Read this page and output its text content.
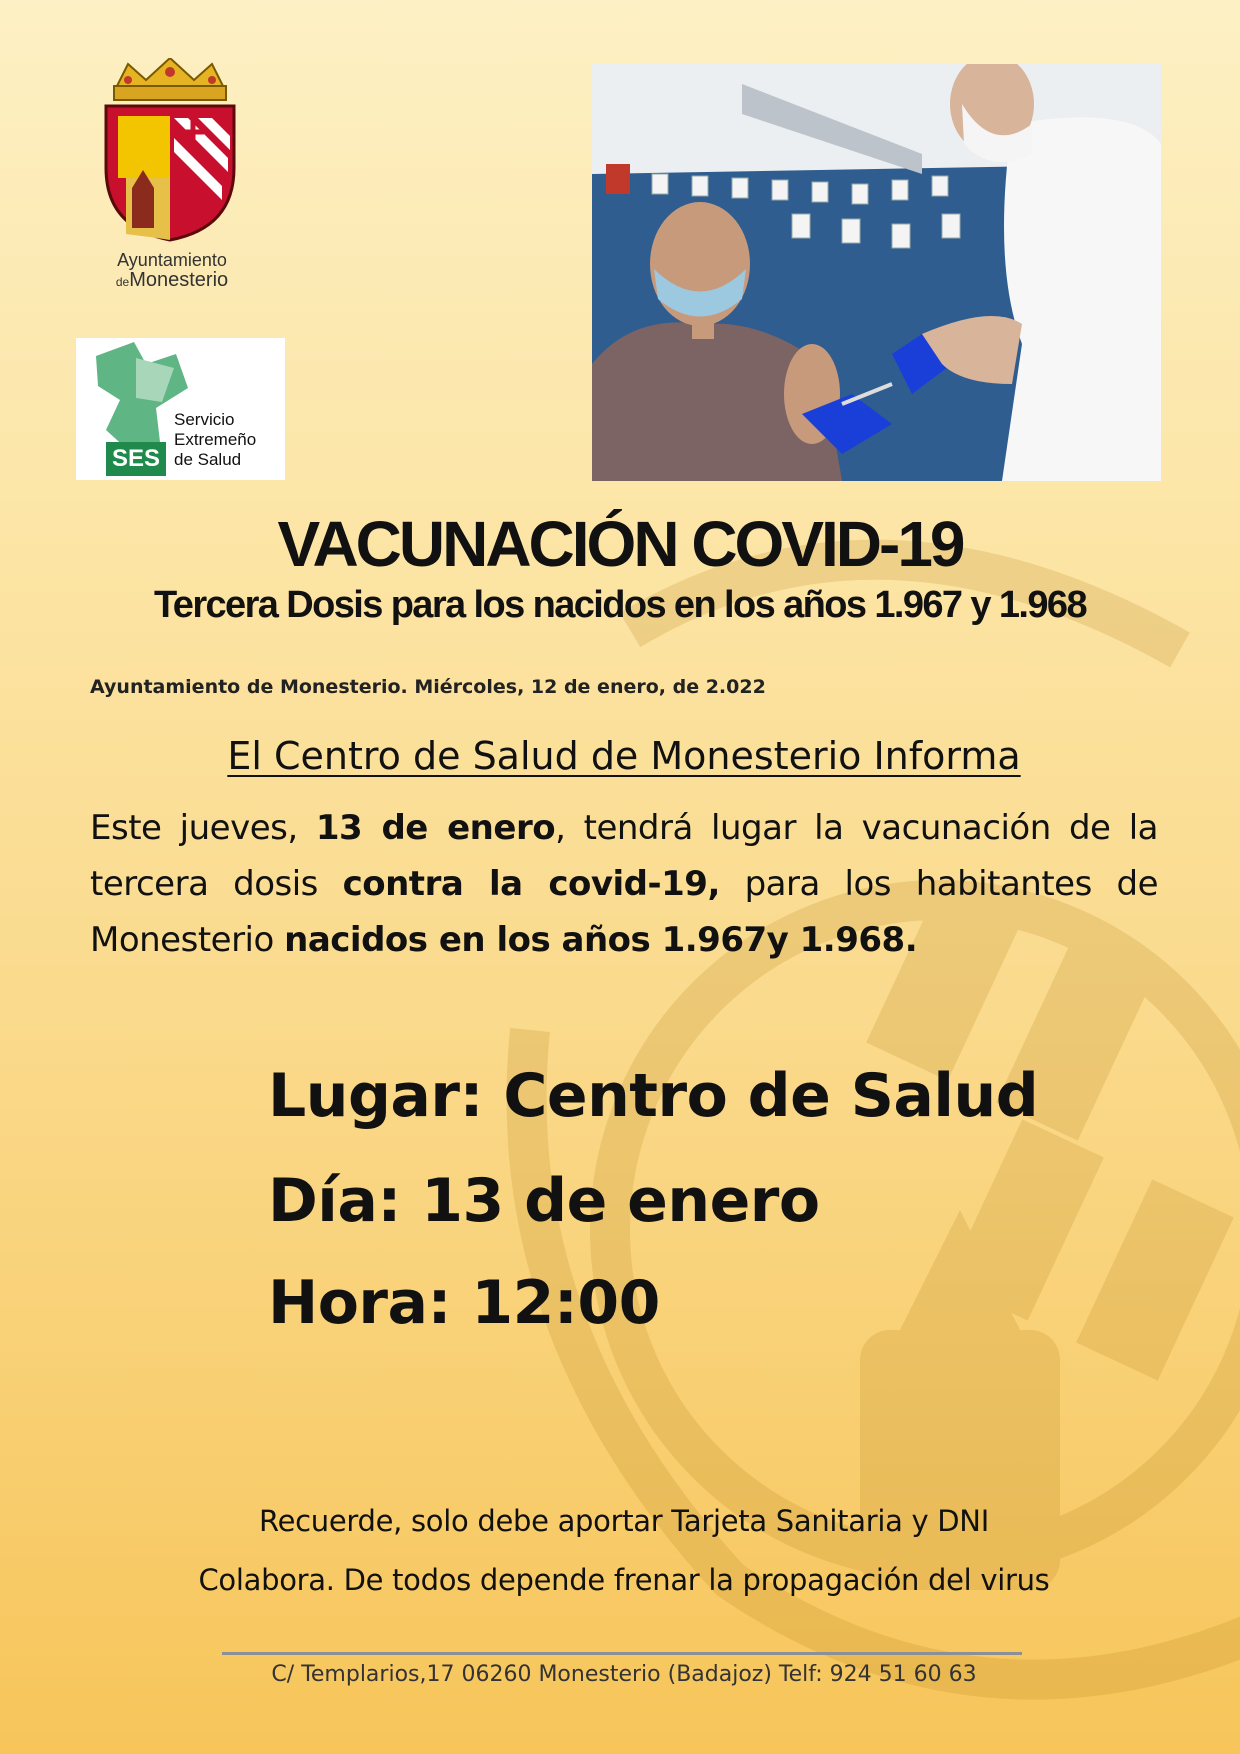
Ayuntamiento
deMonesterio
SES
Servicio
Extremeño
de Salud
VACUNACIÓN COVID-19
Tercera Dosis para los nacidos en los años 1.967 y 1.968
Ayuntamiento de Monesterio. Miércoles, 12 de enero, de 2.022
El Centro de Salud de Monesterio Informa
Este jueves, 13 de enero, tendrá lugar la vacunación de la tercera dosis contra la covid-19, para los habitantes de Monesterio nacidos en los años 1.967y 1.968.
Lugar: Centro de Salud
Día: 13 de enero
Hora: 12:00
Recuerde, solo debe aportar Tarjeta Sanitaria y DNI
Colabora. De todos depende frenar la propagación del virus
C/ Templarios,17 06260 Monesterio (Badajoz) Telf: 924 51 60 63
